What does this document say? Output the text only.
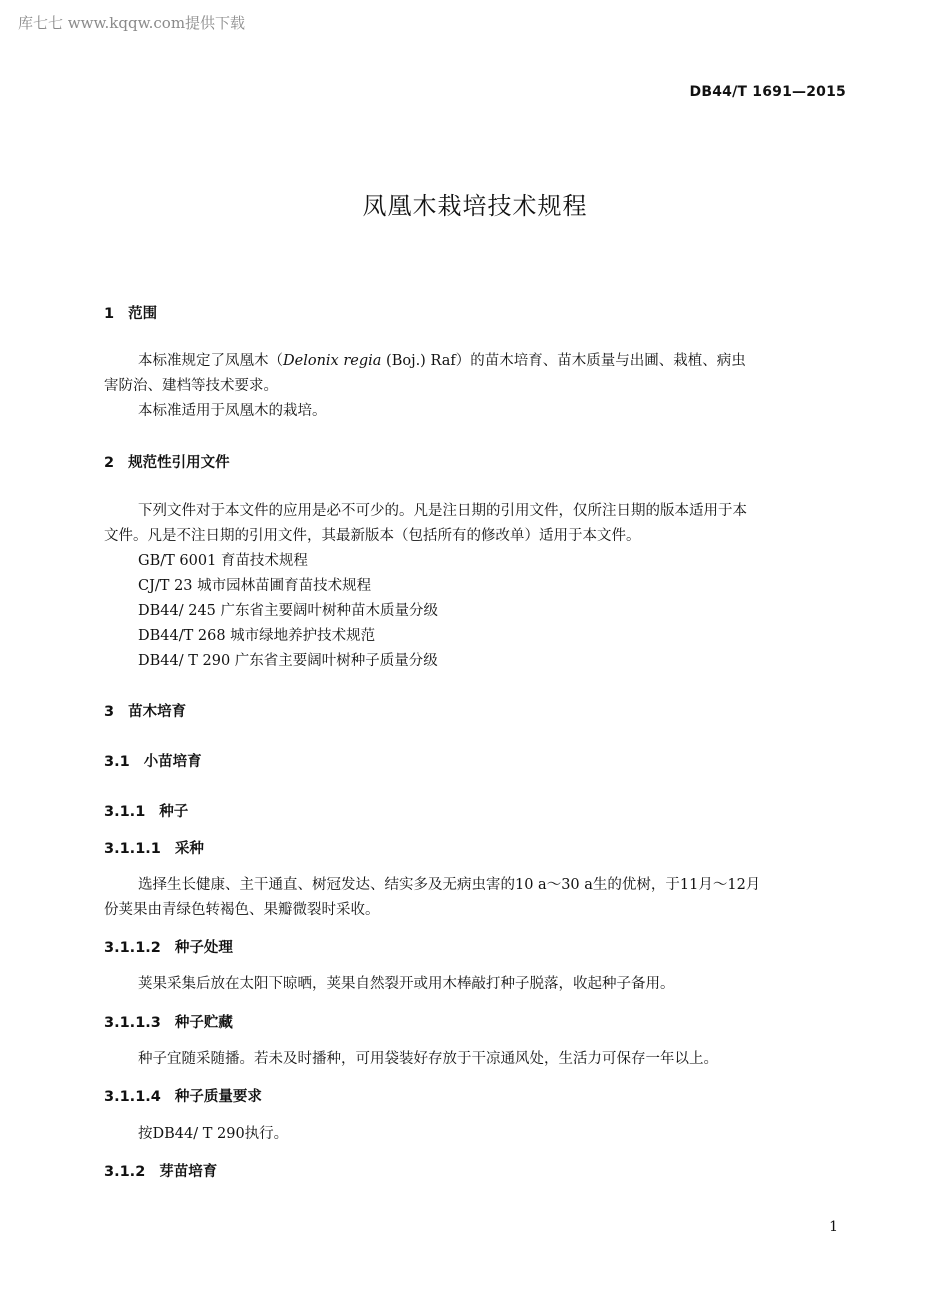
库七七 www.kqqw.com提供下载
DB44/T 1691—2015
凤凰木栽培技术规程
1 范围
本标准规定了凤凰木（Delonix regia (Boj.) Raf）的苗木培育、苗木质量与出圃、栽植、病虫
害防治、建档等技术要求。
本标准适用于凤凰木的栽培。
2 规范性引用文件
下列文件对于本文件的应用是必不可少的。凡是注日期的引用文件，仅所注日期的版本适用于本
文件。凡是不注日期的引用文件，其最新版本（包括所有的修改单）适用于本文件。
GB/T 6001 育苗技术规程
CJ/T 23 城市园林苗圃育苗技术规程
DB44/ 245 广东省主要阔叶树种苗木质量分级
DB44/T 268 城市绿地养护技术规范
DB44/ T 290 广东省主要阔叶树种子质量分级
3 苗木培育
3.1 小苗培育
3.1.1 种子
3.1.1.1 采种
选择生长健康、主干通直、树冠发达、结实多及无病虫害的10 a～30 a生的优树，于11月～12月
份荚果由青绿色转褐色、果瓣微裂时采收。
3.1.1.2 种子处理
荚果采集后放在太阳下晾晒，荚果自然裂开或用木棒敲打种子脱落，收起种子备用。
3.1.1.3 种子贮藏
种子宜随采随播。若未及时播种，可用袋装好存放于干凉通风处，生活力可保存一年以上。
3.1.1.4 种子质量要求
按DB44/ T 290执行。
3.1.2 芽苗培育
1
